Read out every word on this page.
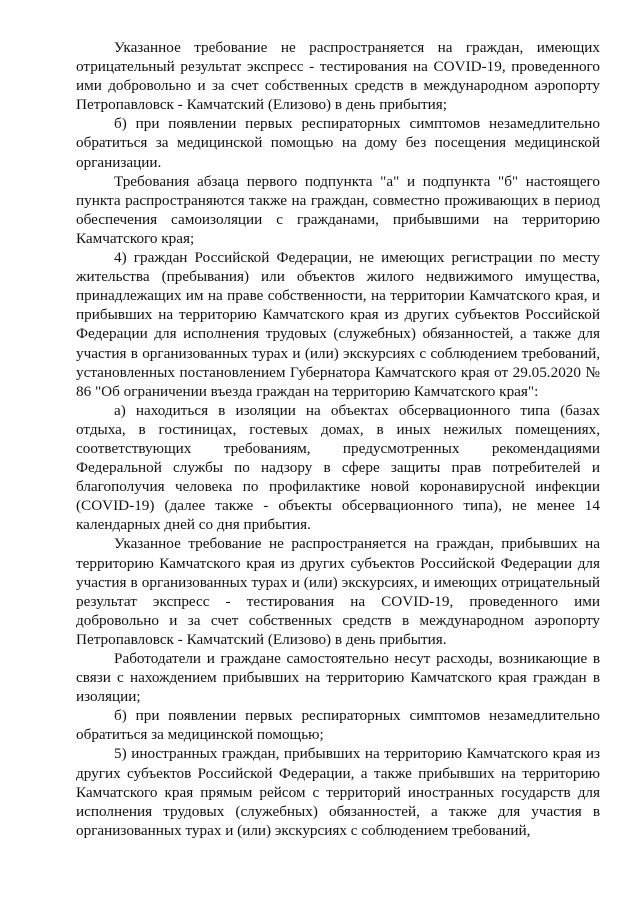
Указанное требование не распространяется на граждан, имеющих отрицательный результат экспресс - тестирования на COVID-19, проведенного ими добровольно и за счет собственных средств в международном аэропорту Петропавловск - Камчатский (Елизово) в день прибытия;

б) при появлении первых респираторных симптомов незамедлительно обратиться за медицинской помощью на дому без посещения медицинской организации.

Требования абзаца первого подпункта "а" и подпункта "б" настоящего пункта распространяются также на граждан, совместно проживающих в период обеспечения самоизоляции с гражданами, прибывшими на территорию Камчатского края;

4) граждан Российской Федерации, не имеющих регистрации по месту жительства (пребывания) или объектов жилого недвижимого имущества, принадлежащих им на праве собственности, на территории Камчатского края, и прибывших на территорию Камчатского края из других субъектов Российской Федерации для исполнения трудовых (служебных) обязанностей, а также для участия в организованных турах и (или) экскурсиях с соблюдением требований, установленных постановлением Губернатора Камчатского края от 29.05.2020 № 86 "Об ограничении въезда граждан на территорию Камчатского края":

а) находиться в изоляции на объектах обсервационного типа (базах отдыха, в гостиницах, гостевых домах, в иных нежилых помещениях, соответствующих требованиям, предусмотренных рекомендациями Федеральной службы по надзору в сфере защиты прав потребителей и благополучия человека по профилактике новой коронавирусной инфекции (COVID-19) (далее также - объекты обсервационного типа), не менее 14 календарных дней со дня прибытия.

Указанное требование не распространяется на граждан, прибывших на территорию Камчатского края из других субъектов Российской Федерации для участия в организованных турах и (или) экскурсиях, и имеющих отрицательный результат экспресс - тестирования на COVID-19, проведенного ими добровольно и за счет собственных средств в международном аэропорту Петропавловск - Камчатский (Елизово) в день прибытия.

Работодатели и граждане самостоятельно несут расходы, возникающие в связи с нахождением прибывших на территорию Камчатского края граждан в изоляции;

б) при появлении первых респираторных симптомов незамедлительно обратиться за медицинской помощью;

5) иностранных граждан, прибывших на территорию Камчатского края из других субъектов Российской Федерации, а также прибывших на территорию Камчатского края прямым рейсом с территорий иностранных государств для исполнения трудовых (служебных) обязанностей, а также для участия в организованных турах и (или) экскурсиях с соблюдением требований,
